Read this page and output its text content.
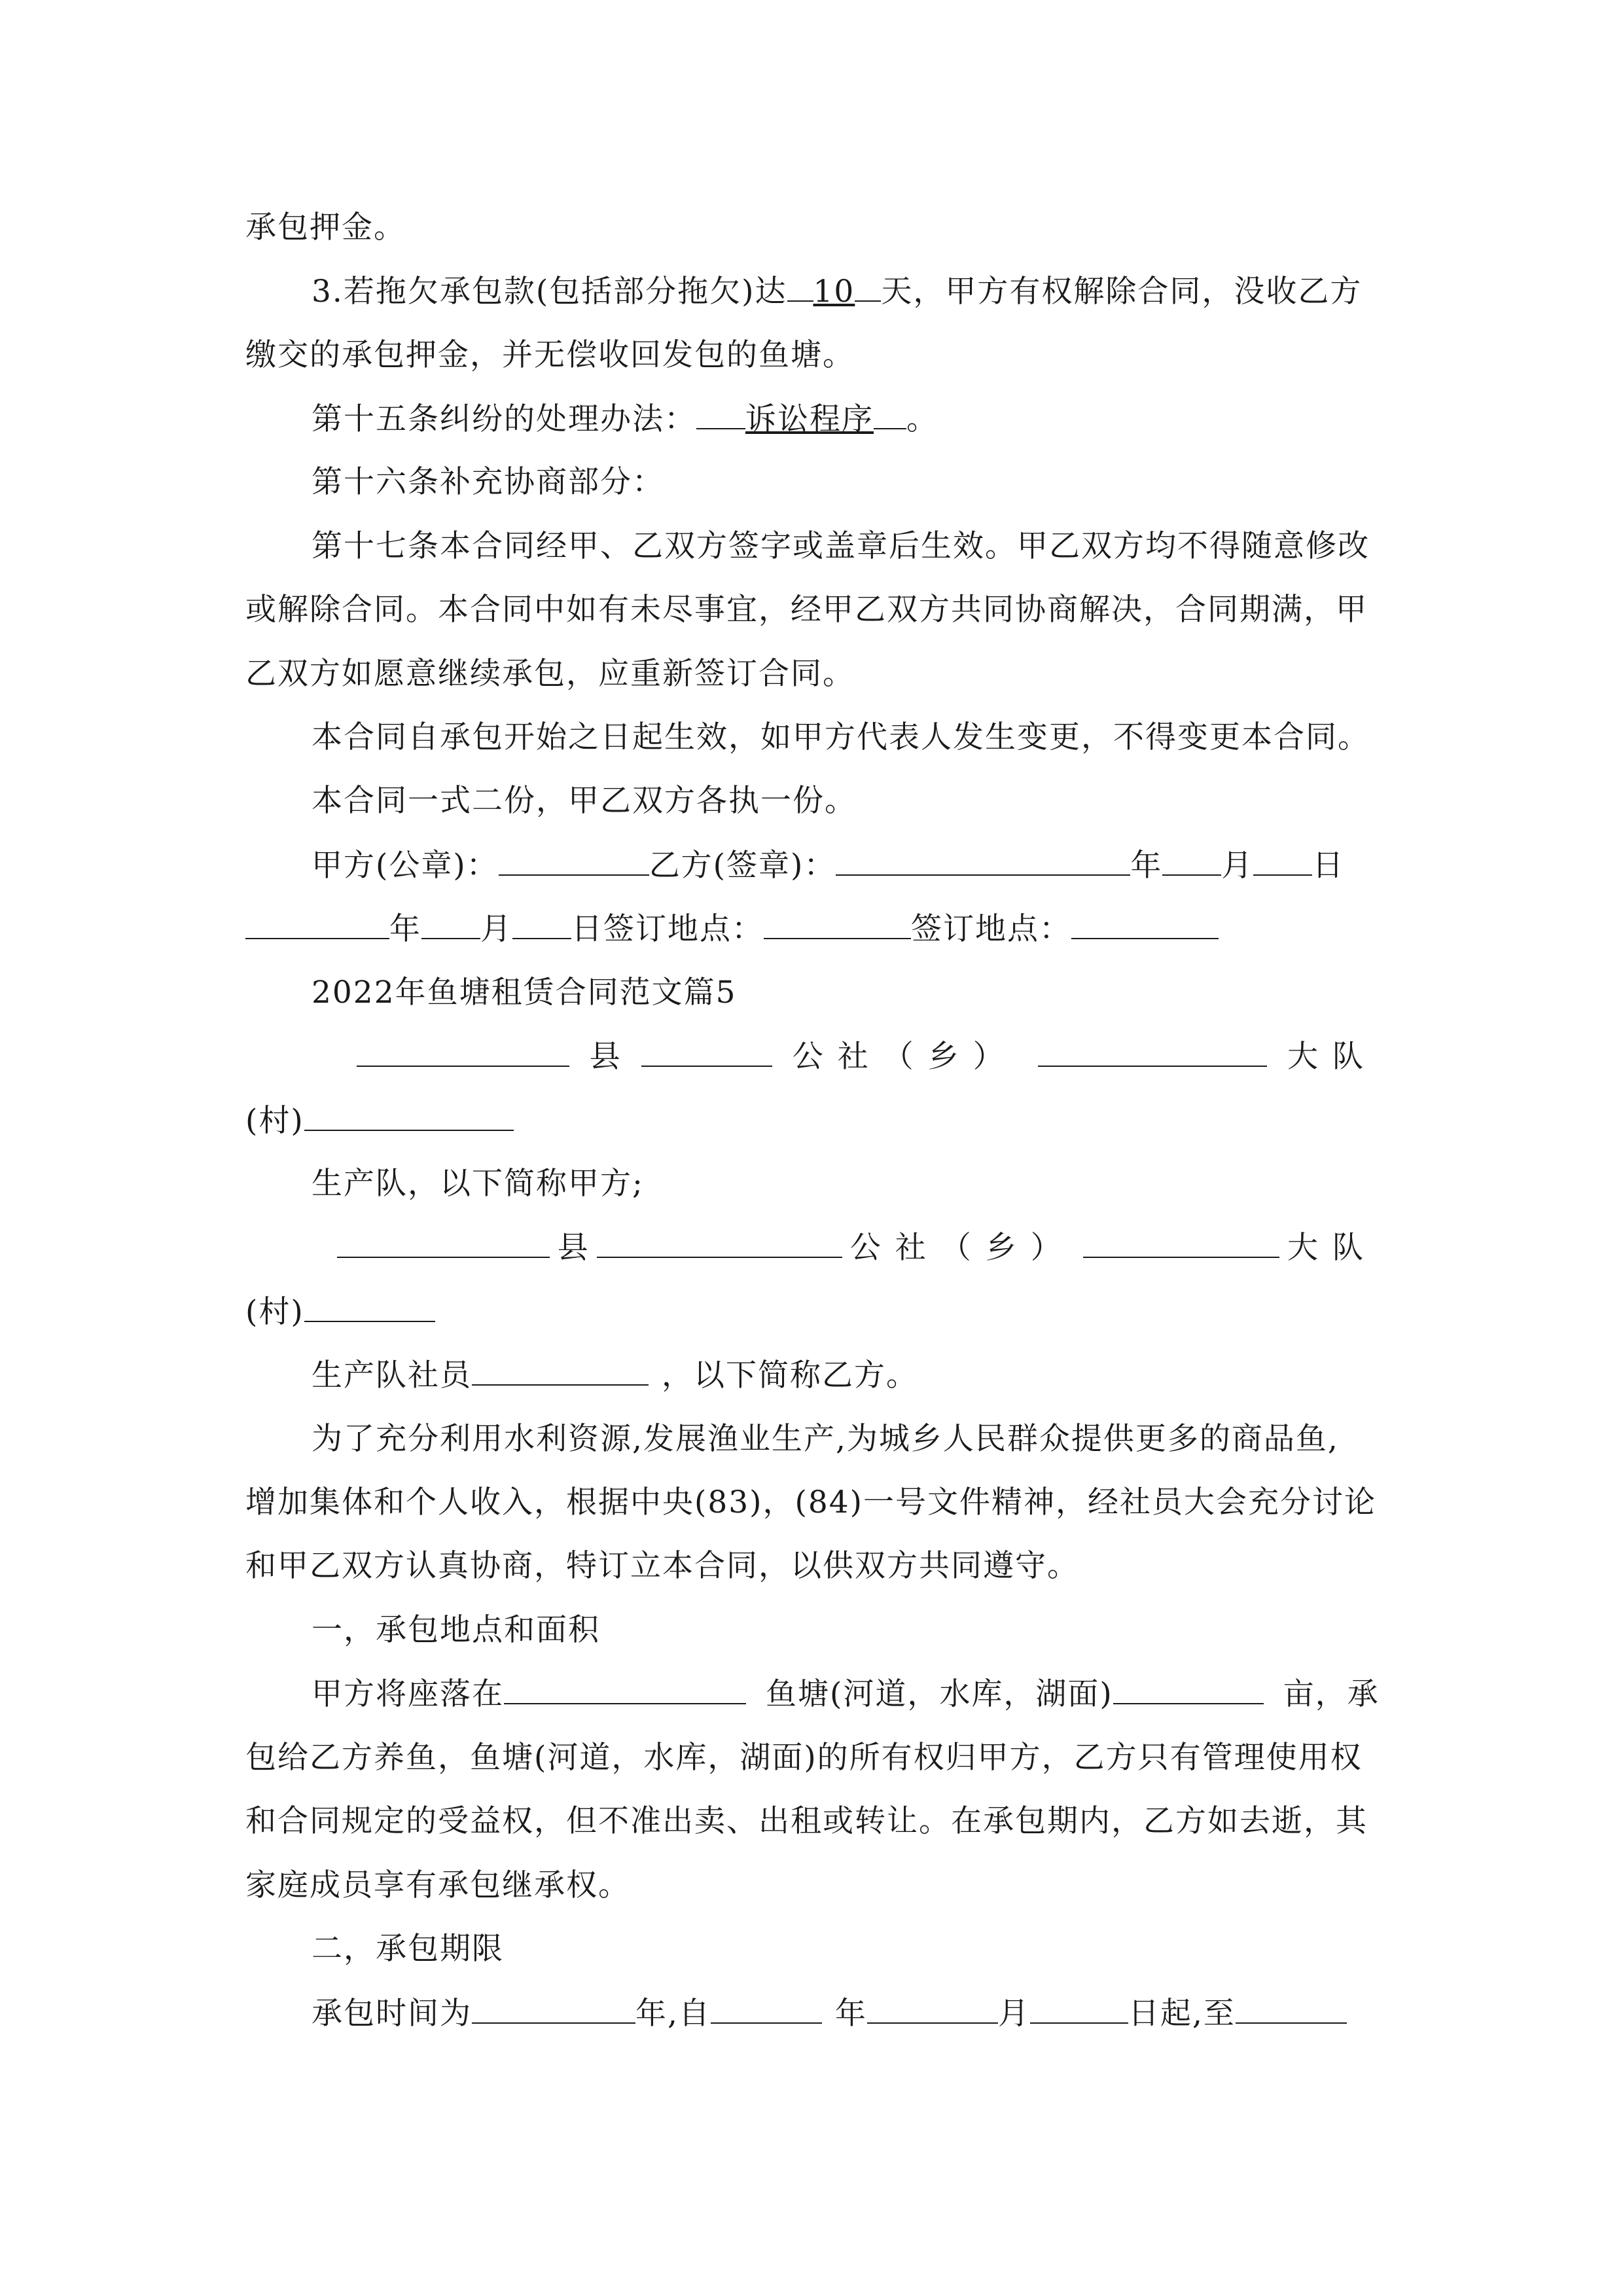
承包押金。
3.若拖欠承包款(包括部分拖欠)达 10 天，甲方有权解除合同，没收乙方
缴交的承包押金，并无偿收回发包的鱼塘。
第十五条纠纷的处理办法： 诉讼程序 。
第十六条补充协商部分：
第十七条本合同经甲、乙双方签字或盖章后生效。甲乙双方均不得随意修改
或解除合同。本合同中如有未尽事宜，经甲乙双方共同协商解决，合同期满，甲
乙双方如愿意继续承包，应重新签订合同。
本合同自承包开始之日起生效，如甲方代表人发生变更，不得变更本合同。
本合同一式二份，甲乙双方各执一份。
甲方(公章)：	乙方(签章)：	年 月 日
年 月 日签订地点：	签订地点：
2022年鱼塘租赁合同范文篇5
县	公社（乡）	大队
(村)
生产队，以下简称甲方;
县	公社（乡）	大队
(村)
生产队社员	，以下简称乙方。
为了充分利用水利资源,发展渔业生产,为城乡人民群众提供更多的商品鱼,
增加集体和个人收入，根据中央(83)，(84)一号文件精神，经社员大会充分讨论
和甲乙双方认真协商，特订立本合同，以供双方共同遵守。
一，承包地点和面积
甲方将座落在	鱼塘(河道，水库，湖面)	亩，承
包给乙方养鱼，鱼塘(河道，水库，湖面)的所有权归甲方，乙方只有管理使用权
和合同规定的受益权，但不准出卖、出租或转让。在承包期内，乙方如去逝，其
家庭成员享有承包继承权。
二，承包期限
承包时间为	年,自	年	月	日起,至
